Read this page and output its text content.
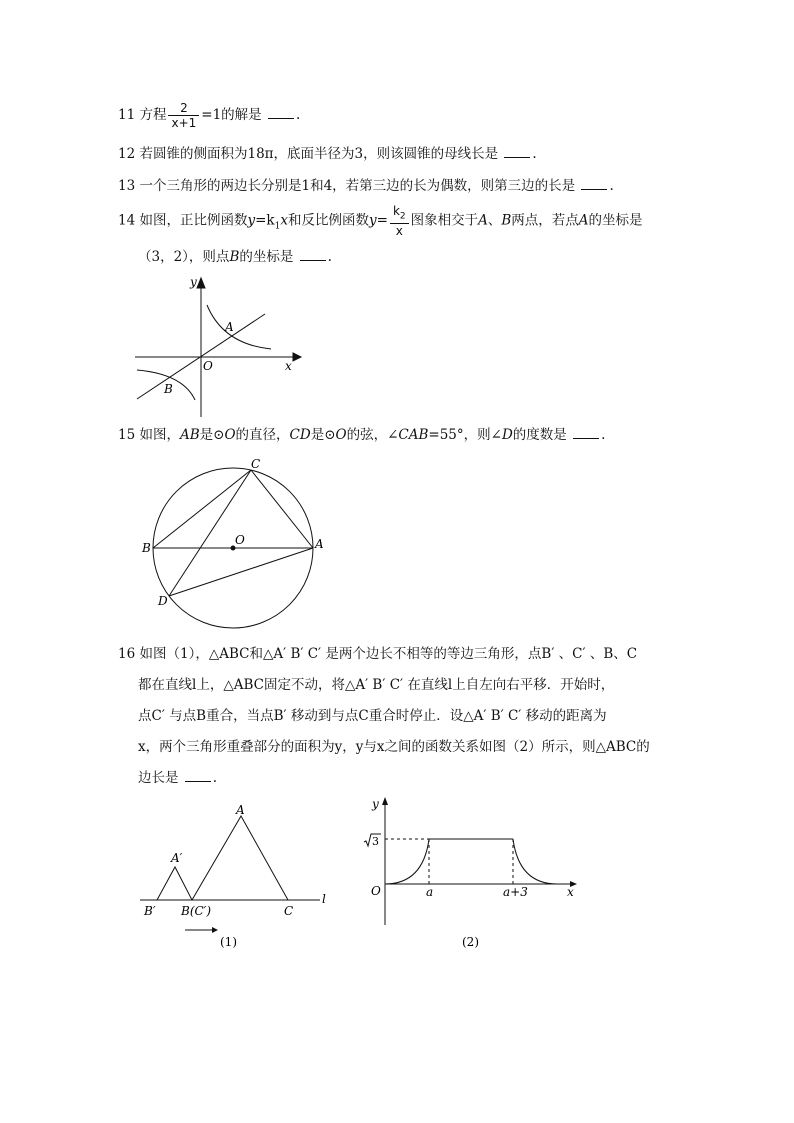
11 方程 $\frac{2}{x+1} =1$的解是	.
12 若圆锥的侧面积为18π，底面半径为3，则该圆锥的母线长是	.
13 一个三角形的两边长分别是1和4，若第三边的长为偶数，则第三边的长是	.
14 如图，正比例函数$y=k_1x$和反比例函数$y= \frac{k_2}{x}$ 图象相交于A、B两点，若点A的坐标是
（3，2），则点B的坐标是	.
y
x
O
A
B
15 如图，AB是⊙O的直径，CD是⊙O的弦，∠CAB=55°，则∠D的度数是	.
C
O
B	A
D
16 如图（1），△ABC和△A′ B′ C′ 是两个边长不相等的等边三角形，点B′ 、C′ 、B、C
都在直线l上，△ABC固定不动，将△A′ B′ C′ 在直线l上自左向右平移．开始时，
点C′ 与点B重合，当点B′ 移动到与点C重合时停止．设△A′ B′ C′ 移动的距离为
x，两个三角形重叠部分的面积为y，y与x之间的函数关系如图（2）所示，则△ABC的
边长是	.
A
A′
B′ B(C′)	C
l
(1)
y
3
O	a	a+3	x
(2)
